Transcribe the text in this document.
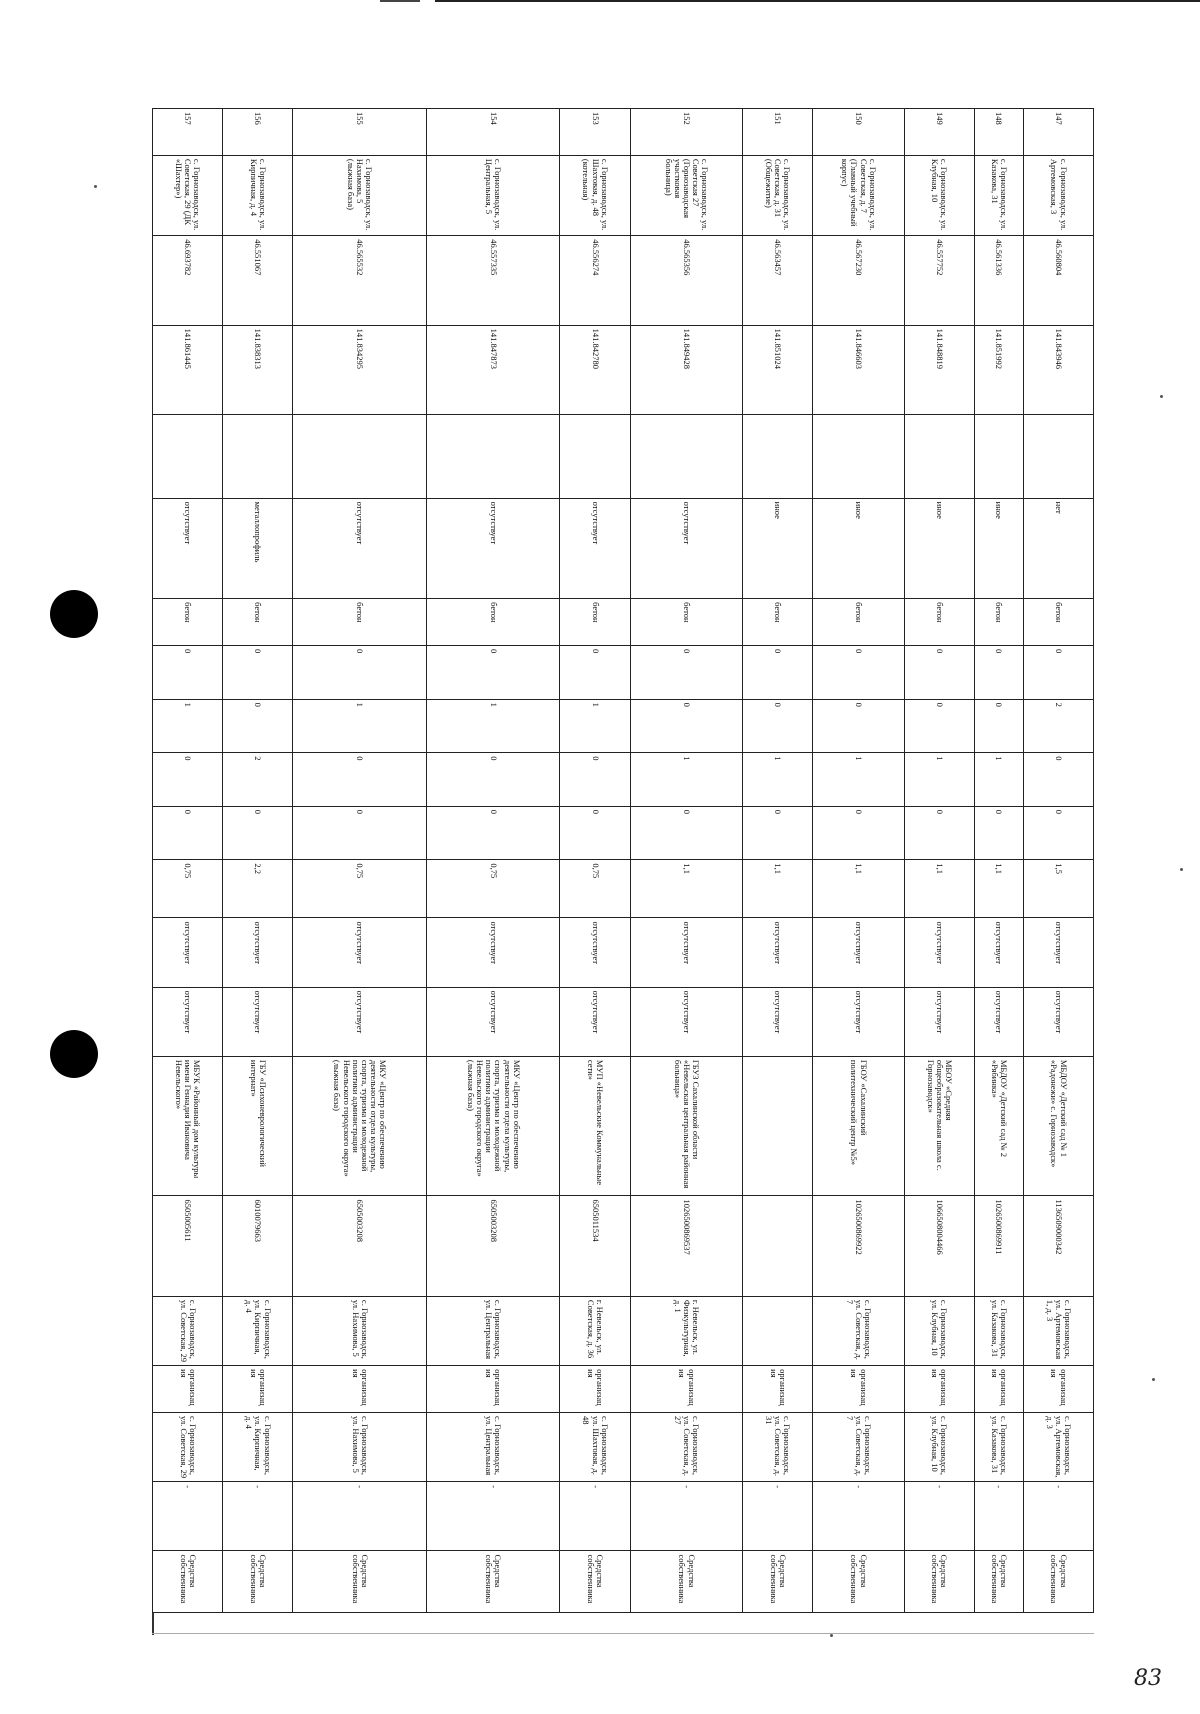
147	с. Горнозаводск, ул. Артемовская, 3	46.560804	141.843946		нет	бетон	0	2	0	0	1,5	отсутствует	отсутствует	МБДОУ «Детский сад № 1 «Радонежи» с. Горнозаводск»	1136509000342	с. Горнозаводск, ул. Артемовская 1, д. 3	организация	с. Горнозаводск, ул. Артемовская, д. 3	-	Средства собственника
148	с. Горнозаводск, ул. Казакова, 31	46.561336	141.851992		иное	бетон	0	0	1	0	1,1	отсутствует	отсутствует	МБДОУ «Детский сад № 2 «Рябинка»	1026500869911	с. Горнозаводск, ул. Казакова, 31	организация	с. Горнозаводск, ул. Казакова, 31	-	Средства собственника
149	с. Горнозаводск, ул. Клубная, 10	46.557752	141.848819		иное	бетон	0	0	1	0	1,1	отсутствует	отсутствует	МБОУ «Средняя общеобразовательная школа с. Горнозаводск»	1066508004466	с. Горнозаводск, ул. Клубная, 10	организация	с. Горнозаводск, ул. Клубная, 10	-	Средства собственника
150	с. Горнозаводск, ул. Советская, д. 7 (Главный учебный корпус)	46.567230	141.846603		иное	бетон	0	0	1	0	1,1	отсутствует	отсутствует	ГБОУ «Сахалинский политехнический центр №5»	1026500869922	с. Горнозаводск, ул. Советская, д. 7	организация	с. Горнозаводск, ул. Советская, д. 7	-	Средства собственника
151	с. Горнозаводск, ул. Советская, д. 31 (Общежитие)	46.563457	141.851024		иное	бетон	0	0	1	0	1,1	отсутствует	отсутствует				организация	с. Горнозаводск, ул. Советская, д. 31	-	Средства собственника
152	с. Горнозаводск, ул. Советская 27 (Горнозаводская участковая больница)	46.565356	141.849428		отсутствует	бетон	0	0	1	0	1,1	отсутствует	отсутствует	ГБУЗ Сахалинской области «Невельская центральная районная больница»	1026500869537	г. Невельск, ул. Физкультурная, д. 1	организация	с. Горнозаводск, ул. Советская, д. 27	-	Средства собственника
153	с. Горнозаводск, ул. Шахтовая, д. 48 (котельная)	46.556274	141.842780		отсутствует	бетон	0	1	0	0	0,75	отсутствует	отсутствует	МУП «Невельские Коммунальные сети»	6505011534	г. Невельск, ул. Советская, д. 36	организация	с. Горнозаводск, ул. Шахтовая, д. 48	-	Средства собственника
154	с. Горнозаводск, ул. Центральная, 5	46.557335	141.847873		отсутствует	бетон	0	1	0	0	0,75	отсутствует	отсутствует	МКУ «Центр по обеспечению деятельности отдела культуры, спорта, туризма и молодежной политики администрации Невельского городского округа» (лыжная база)	6505003208	с. Горнозаводск, ул. Центральная	организация	с. Горнозаводск, ул. Центральная	-	Средства собственника
155	с. Горнозаводск, ул. Нахимова, 5 (лыжная база)	46.565532	141.834295		отсутствует	бетон	0	1	0	0	0,75	отсутствует	отсутствует	МКУ «Центр по обеспечению деятельности отдела культуры, спорта, туризма и молодежной политики администрации Невельского городского округа» (лыжная база)	6505003208	с. Горнозаводск, ул. Нахимова, 5	организация	с. Горнозаводск, ул. Нахимова, 5	-	Средства собственника
156	с. Горнозаводск, ул. Кирпичная, д. 4	46.551067	141.838313		металлопрофиль	бетон	0	0	2	0	2,2	отсутствует	отсутствует	ГБУ «Психоневрологический интернат»	6010079663	с. Горнозаводск, ул. Кирпичная, д. 4	организация	с. Горнозаводск, ул. Кирпичная, д. 4	-	Средства собственника
157	с. Горнозаводск, ул. Советская, 29 (ДК «Шахтер»)	46.693782	141.861445		отсутствует	бетон	0	1	0	0	0,75	отсутствует	отсутствует	МБУК «Районный дом культуры имени Геннадия Ивановича Невельского»	6505005611	с. Горнозаводск, ул. Советская, 29	организация	с. Горнозаводск, ул. Советская, 29	-	Средства собственника
83
